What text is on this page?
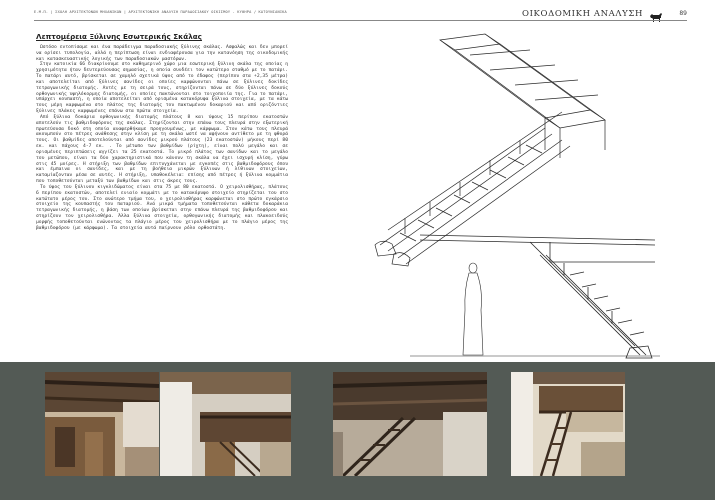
Ε.Μ.Π. | ΣΧΟΛΗ ΑΡΧΙΤΕΚΤΟΝΩΝ ΜΗΧΑΝΙΚΩΝ | ΑΡΧΙΤΕΚΤΟΝΙΚΗ ΑΝΑΛΥΣΗ ΠΑΡΑΔΟΣΙΑΚΟΥ ΟΙΚΙΣΜΟΥ - ΚΥΘΗΡΑ / ΚΑΤΟΥΝΙΑΝΙΚΑ	ΟΙΚΟΔΟΜΙΚΗ ΑΝΑΛΥΣΗ	89
Λεπτομέρεια Ξύλινης Εσωτερικής Σκάλας

Ωστόσο εντοπίσαμε και ένα παράδειγμα παραδοσιακής ξύλινης σκάλας. Ασφαλώς και δεν μπορεί να ορίσει τυπολογία, αλλά η περίπτωση είναι ενδιαφέρουσα για την κατανόηση της οικοδομικής και κατασκευαστικής λογικής των παραδοσιακών μαστόρων.

Στην κατοικία 66 διακρίνουμε στο καθημερινό χώρο μια εσωτερική ξύλινη σκάλα της οποίας η χρησιμότητα ήταν δευτερεύουσας σημασίας, η οποία συνδέει τον κατώτερο σταθμό με το πατάρι. Το πατάρι αυτό, βρίσκεται σε χαμηλό σχετικά ύψος από το έδαφος (περίπου στα +2,35 μέτρα) και αποτελείται από ξύλινες σανίδες οι οποίες καρφώνονται πάνω σε ξύλινες δοκίδες τετραγωνικής διατομής. Αυτές με τη σειρά τους, στηρίζονται πάνω σε δύο ξύλινες δοκούς ορθογωνικής υψηλόκορμης διατομής, οι οποίες πακτώνονται στο τοιχοποιία της. Για το πατάρι, υπάρχει κουπαστή, η οποία αποτελείται από ορισμένα κατακόρυφα ξύλινα στοιχεία, με τα κάτω τους μέρη καρφωμένα στο πλάτος της διατομής του πακτωμένου δοκαριού και από οριζόντιες ξύλινες πλάκες καρφωμένες επάνω στα πρώτα στοιχεία.

Από ξύλινα δοκάρια ορθογωνικής διατομής πλάτους 8 και ύψους 15 περίπου εκατοστών αποτελούν τις βαθμιδοφόρους της σκάλας. Στηρίζονται στην επάνω τους πλευρά στην εξωτερική πρωτεύουσα δοκό στη οποία αναφερθήκαμε προηγουμένως, με κάρφωμα. Στον κάτω τους πλευρά ακουμπούν στο πέτρες ανάθεσης στην κλίση με τη σκάλα ωστέ να αφήνουν αντίθετο με τη φθορά τους. Οι βαθμίδες αποτελούνται από σανίδες μικρού πλάτους (23 εκατοστών) μήκους περί 80 εκ. και πάχους 4-7 εκ. . Το μέτωπο των βαθμίδων (ρίχτη), είναι πολύ μεγάλο και σε ορισμένες περιπτώσεις αγγίζει τα 25 εκατοστά. Το μικρό πλάτος των σανίδων και το μεγάλο του μετώπου, είναι τα δύο χαρακτηριστικά που κάνουν τη σκάλα να έχει ισχυρή κλίση, γύρω στις 45 μοίρες. Η στήριξη των βαθμίδων επιτυγχάνεται με εγκοπές στις βαθμιδοφόρους όπου και έμπαινα οι σανίδες, και με τη βοήθεια μικρών ξύλινων ή λίθινων στοιχείων, καταμίαζονταν μέσα σε αυτές. Η στήριξη, υπαθοκέλεια: επίσης από πέτρες ή ξύλινα κομμάτια που τοποθετούνται μεταξύ των βαθμίδων και στις άκρες τους.

Το ύψος του ξύλινου κιγκλιδώματος είναι στα 75 με 80 εκατοστά. Ο χειρολισθήρας, πλάτους 6 περίπου εκατοστών, αποτελεί ενιαίο κομμάτι με το κατακόρυφο στοιχείο στηρίζεται του στο κατώτατο μέρος του. Στο ανώτερο τμήμα του, ο χειρολισθήρας καρφώνεται στο πρώτο εγκάρσιο στοιχείο της κουπαστής του παταριού. Ανά μικρά τμήματα τοποθετούνται κάθετα δοκαράκια τετραγωνικής διατομής, η βάση των οποίων βρίσκεται στην επάνω πλευρά της βαθμιδοφόρου και στηρίζουν τον χειρολισθήρα. Άλλα ξύλινα στοιχεία, ορθογωνικής διατομής και πλακοειδούς μορφής τοποθετούνται ενώνοντας τα πλάγιο μέρος του χειρολισθήρα με το πλάγιο μέρος της βαθμιδοφόρου (με κάρφωμα). Τα στοιχεία αυτά παίρνουν ρόλο ορθοστάτη.
